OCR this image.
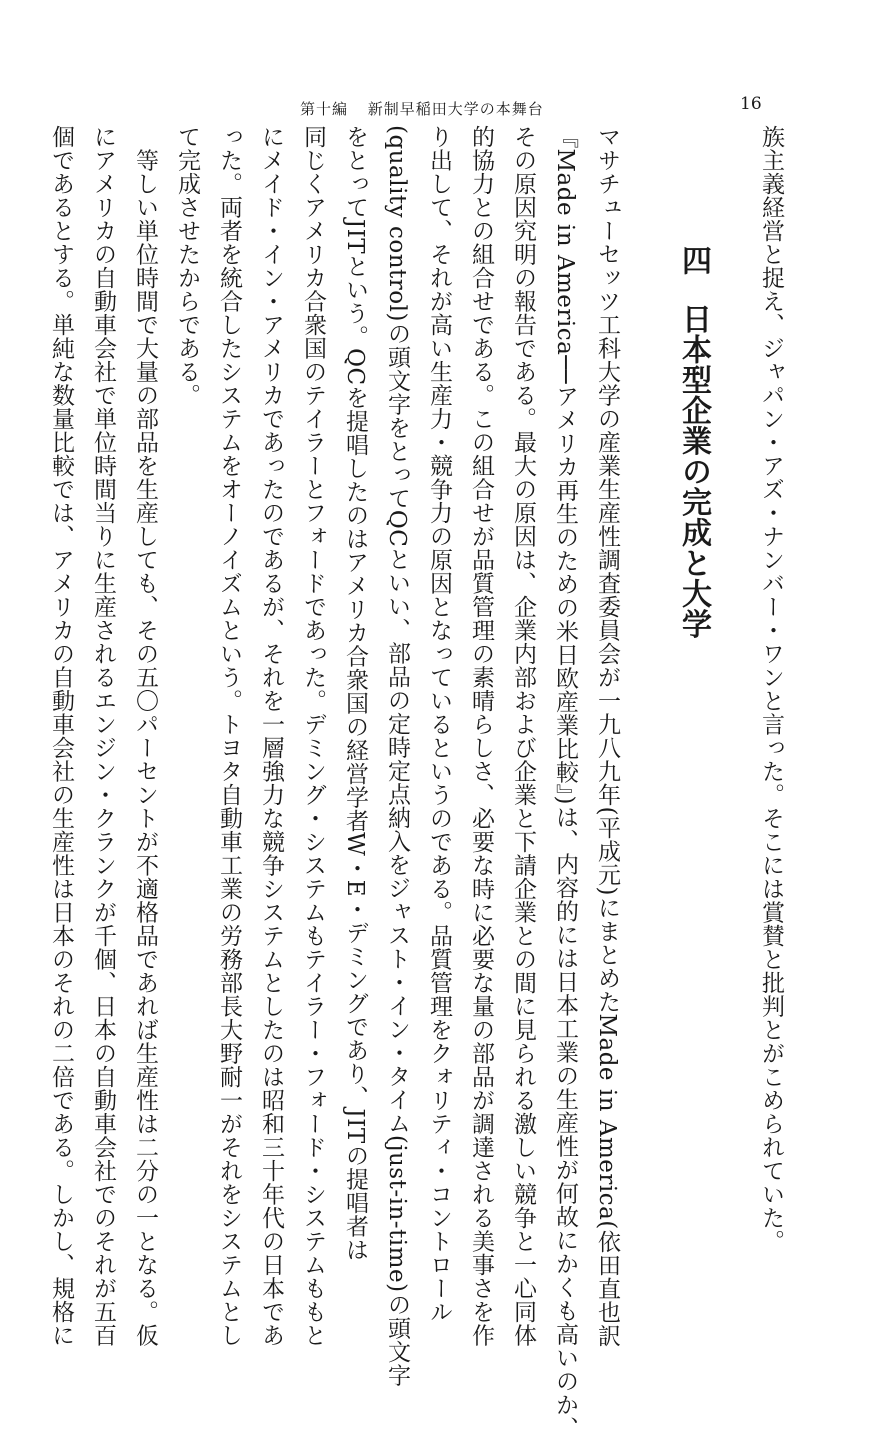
第十編 新制早稲田大学の本舞台	16
族主義経営と捉え、ジャパン・アズ・ナンバー・ワンと言った。そこには賞賛と批判とがこめられていた。
四日本型企業の完成と大学
マサチューセッツ工科大学の産業生産性調査委員会が一九八九年(平成元)にまとめたMade in America(依田直也訳
『Made in America──アメリカ再生のための米日欧産業比較』)は、内容的には日本工業の生産性が何故にかくも高いのか、
その原因究明の報告である。最大の原因は、企業内部および企業と下請企業との間に見られる激しい競争と一心同体
的協力との組合せである。この組合せが品質管理の素晴らしさ、必要な時に必要な量の部品が調達される美事さを作
り出して、それが高い生産力・競争力の原因となっているというのである。品質管理をクォリティ・コントロール
(quality control)の頭文字をとってQCといい、部品の定時定点納入をジャスト・イン・タイム(just-in-time)の頭文字
をとってJITという。QCを提唱したのはアメリカ合衆国の経営学者W・E・デミングであり、JITの提唱者は
同じくアメリカ合衆国のテイラーとフォードであった。デミング・システムもテイラー・フォード・システムももと
にメイド・イン・アメリカであったのであるが、それを一層強力な競争システムとしたのは昭和三十年代の日本であ
った。両者を統合したシステムをオーノイズムという。トヨタ自動車工業の労務部長大野耐一がそれをシステムとし
て完成させたからである。
　等しい単位時間で大量の部品を生産しても、その五〇パーセントが不適格品であれば生産性は二分の一となる。仮
にアメリカの自動車会社で単位時間当りに生産されるエンジン・クランクが千個、日本の自動車会社でのそれが五百
個であるとする。単純な数量比較では、アメリカの自動車会社の生産性は日本のそれの二倍である。しかし、規格に
